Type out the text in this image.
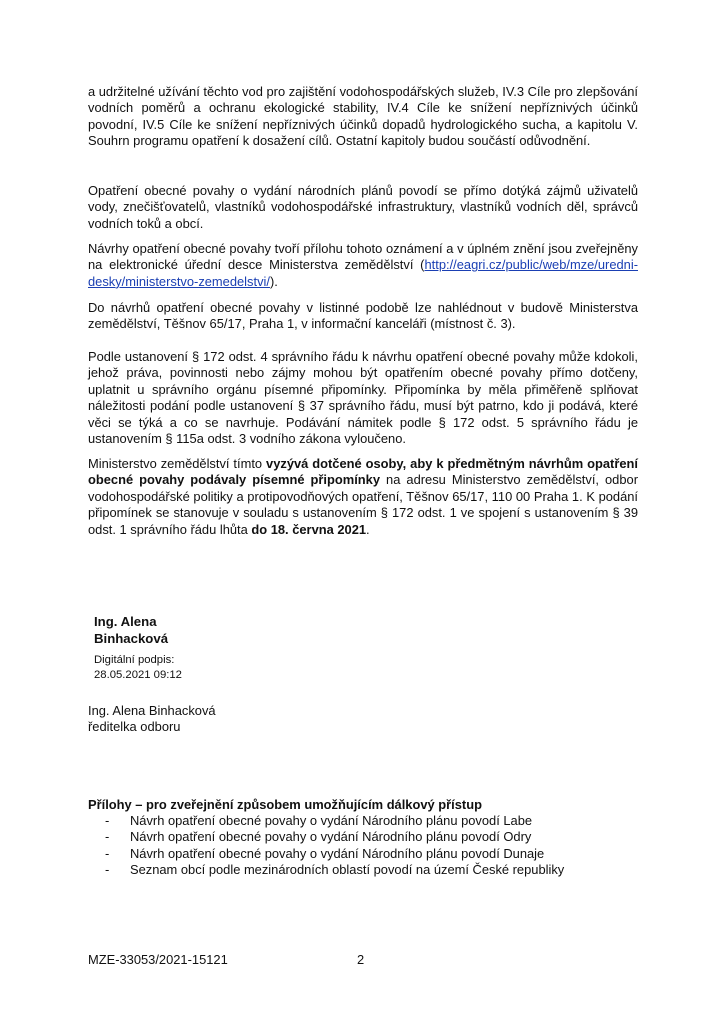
a udržitelné užívání těchto vod pro zajištění vodohospodářských služeb, IV.3 Cíle pro zlepšování vodních poměrů a ochranu ekologické stability, IV.4 Cíle ke snížení nepříznivých účinků povodní, IV.5 Cíle ke snížení nepříznivých účinků dopadů hydrologického sucha, a kapitolu V. Souhrn programu opatření k dosažení cílů. Ostatní kapitoly budou součástí odůvodnění.

Opatření obecné povahy o vydání národních plánů povodí se přímo dotýká zájmů uživatelů vody, znečišťovatelů, vlastníků vodohospodářské infrastruktury, vlastníků vodních děl, správců vodních toků a obcí.

Návrhy opatření obecné povahy tvoří přílohu tohoto oznámení a v úplném znění jsou zveřejněny na elektronické úřední desce Ministerstva zemědělství (http://eagri.cz/public/web/mze/uredni-desky/ministerstvo-zemedelstvi/).

Do návrhů opatření obecné povahy v listinné podobě lze nahlédnout v budově Ministerstva zemědělství, Těšnov 65/17, Praha 1, v informační kanceláři (místnost č. 3).

Podle ustanovení § 172 odst. 4 správního řádu k návrhu opatření obecné povahy může kdokoli, jehož práva, povinnosti nebo zájmy mohou být opatřením obecné povahy přímo dotčeny, uplatnit u správního orgánu písemné připomínky. Připomínka by měla přiměřeně splňovat náležitosti podání podle ustanovení § 37 správního řádu, musí být patrno, kdo ji podává, které věci se týká a co se navrhuje. Podávání námitek podle § 172 odst. 5 správního řádu je ustanovením § 115a odst. 3 vodního zákona vyloučeno.

Ministerstvo zemědělství tímto vyzývá dotčené osoby, aby k předmětným návrhům opatření obecné povahy podávaly písemné připomínky na adresu Ministerstvo zemědělství, odbor vodohospodářské politiky a protipovodňových opatření, Těšnov 65/17, 110 00 Praha 1. K podání připomínek se stanovuje v souladu s ustanovením § 172 odst. 1 ve spojení s ustanovením § 39 odst. 1 správního řádu lhůta do 18. června 2021.

Ing. Alena
Binhacková
Digitální podpis:
28.05.2021 09:12
Ing. Alena Binhacková
ředitelka odboru

Přílohy – pro zveřejnění způsobem umožňujícím dálkový přístup

- Návrh opatření obecné povahy o vydání Národního plánu povodí Labe
- Návrh opatření obecné povahy o vydání Národního plánu povodí Odry
- Návrh opatření obecné povahy o vydání Národního plánu povodí Dunaje
- Seznam obcí podle mezinárodních oblastí povodí na území České republiky

MZE-33053/2021-15121	2
